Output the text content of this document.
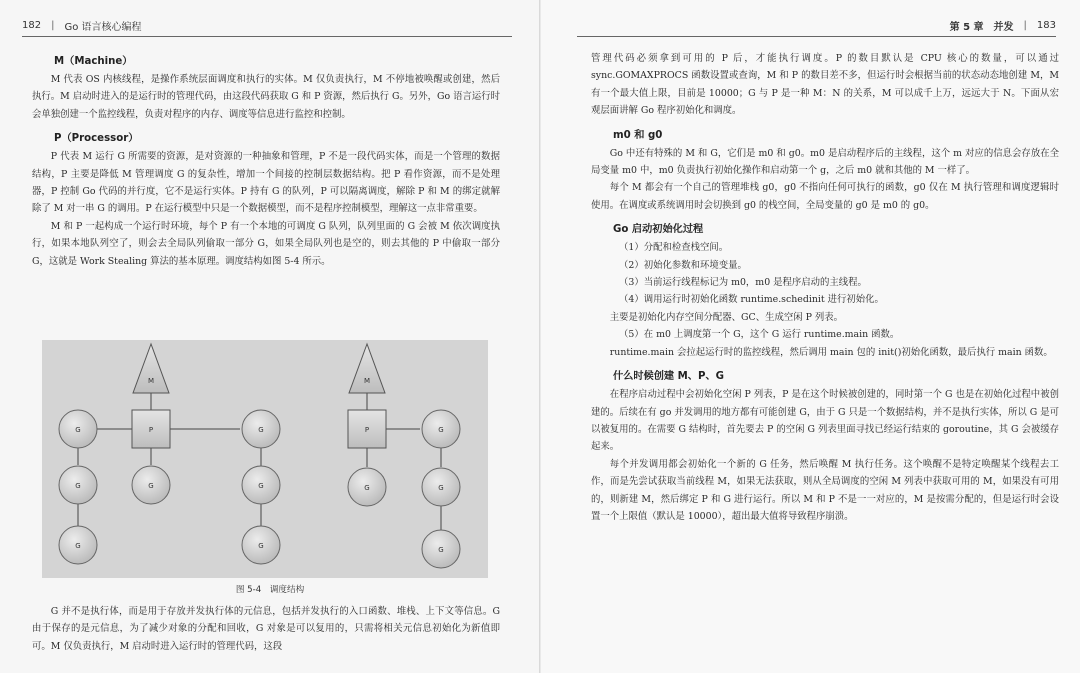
182 | Go 语言核心编程
M（Machine）

M 代表 OS 内核线程，是操作系统层面调度和执行的实体。M 仅负责执行，M 不停地被唤醒或创建，然后执行。M 启动时进入的是运行时的管理代码，由这段代码获取 G 和 P 资源，然后执行 G。另外，Go 语言运行时会单独创建一个监控线程，负责对程序的内存、调度等信息进行监控和控制。

P（Processor）

P 代表 M 运行 G 所需要的资源，是对资源的一种抽象和管理，P 不是一段代码实体，而是一个管理的数据结构，P 主要是降低 M 管理调度 G 的复杂性，增加一个间接的控制层数据结构。把 P 看作资源，而不是处理器，P 控制 Go 代码的并行度，它不是运行实体。P 持有 G 的队列，P 可以隔离调度，解除 P 和 M 的绑定就解除了 M 对一串 G 的调用。P 在运行模型中只是一个数据模型，而不是程序控制模型，理解这一点非常重要。

M 和 P 一起构成一个运行时环境，每个 P 有一个本地的可调度 G 队列，队列里面的 G 会被 M 依次调度执行，如果本地队列空了，则会去全局队列偷取一部分 G，如果全局队列也是空的，则去其他的 P 中偷取一部分 G，这就是 Work Stealing 算法的基本原理。调度结构如图 5-4 所示。

M	M
P	P
G
G
G
G
G
G
G
G
G
G
G
图 5-4　调度结构

G 并不是执行体，而是用于存放并发执行体的元信息，包括并发执行的入口函数、堆栈、上下文等信息。G 由于保存的是元信息，为了减少对象的分配和回收，G 对象是可以复用的，只需将相关元信息初始化为新值即可。M 仅负责执行，M 启动时进入运行时的管理代码，这段

第 5 章　并发 | 183

管理代码必须拿到可用的 P 后，才能执行调度。P 的数目默认是 CPU 核心的数量，可以通过 sync.GOMAXPROCS 函数设置或查询，M 和 P 的数目差不多，但运行时会根据当前的状态动态地创建 M，M 有一个最大值上限，目前是 10000；G 与 P 是一种 M：N 的关系，M 可以成千上万，远远大于 N。下面从宏观层面讲解 Go 程序初始化和调度。

m0 和 g0

Go 中还有特殊的 M 和 G，它们是 m0 和 g0。m0 是启动程序后的主线程，这个 m 对应的信息会存放在全局变量 m0 中，m0 负责执行初始化操作和启动第一个 g，之后 m0 就和其他的 M 一样了。

每个 M 都会有一个自己的管理堆栈 g0，g0 不指向任何可执行的函数，g0 仅在 M 执行管理和调度逻辑时使用。在调度或系统调用时会切换到 g0 的栈空间，全局变量的 g0 是 m0 的 g0。

Go 启动初始化过程
（1）分配和检查栈空间。
（2）初始化参数和环境变量。
（3）当前运行线程标记为 m0，m0 是程序启动的主线程。
（4）调用运行时初始化函数 runtime.schedinit 进行初始化。

主要是初始化内存空间分配器、GC、生成空闲 P 列表。

（5）在 m0 上调度第一个 G，这个 G 运行 runtime.main 函数。

runtime.main 会拉起运行时的监控线程，然后调用 main 包的 init()初始化函数，最后执行 main 函数。

什么时候创建 M、P、G

在程序启动过程中会初始化空闲 P 列表，P 是在这个时候被创建的，同时第一个 G 也是在初始化过程中被创建的。后续在有 go 并发调用的地方都有可能创建 G，由于 G 只是一个数据结构，并不是执行实体，所以 G 是可以被复用的。在需要 G 结构时，首先要去 P 的空闲 G 列表里面寻找已经运行结束的 goroutine，其 G 会被缓存起来。

每个并发调用都会初始化一个新的 G 任务，然后唤醒 M 执行任务。这个唤醒不是特定唤醒某个线程去工作，而是先尝试获取当前线程 M，如果无法获取，则从全局调度的空闲 M 列表中获取可用的 M，如果没有可用的，则新建 M，然后绑定 P 和 G 进行运行。所以 M 和 P 不是一一对应的，M 是按需分配的，但是运行时会设置一个上限值（默认是 10000），超出最大值将导致程序崩溃。
